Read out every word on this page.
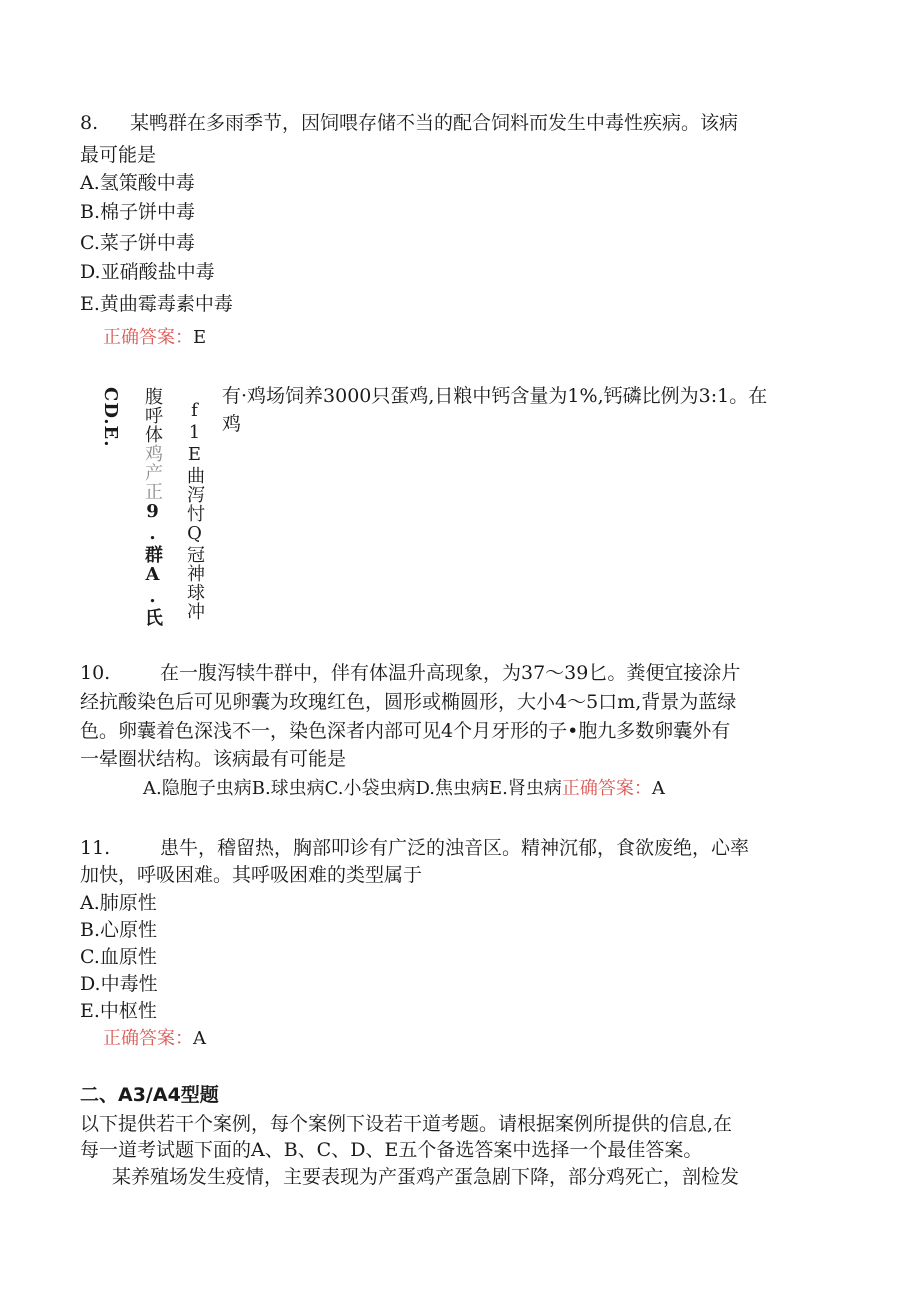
8. 某鸭群在多雨季节，因饲喂存储不当的配合饲料而发生中毒性疾病。该病
最可能是
A.氢策酸中毒
B.棉子饼中毒
C.菜子饼中毒
D.亚硝酸盐中毒
E.黄曲霉毒素中毒
正确答案：E
CD.E. 腹呼体鸡产正9.群A.氏 f1E曲泻忖Q冠神球冲
有·鸡场饲养3000只蛋鸡,日粮中钙含量为1%,钙磷比例为3:1。在
鸡
10.	在一腹泻犊牛群中，伴有体温升高现象，为37～39匕。粪便宜接涂片
经抗酸染色后可见卵囊为玫瑰红色，圆形或椭圆形，大小4～5口m,背景为蓝绿
色。卵囊着色深浅不一，染色深者内部可见4个月牙形的子•胞九多数卵囊外有
一晕圈状结构。该病最有可能是
A.隐胞子虫病B.球虫病C.小袋虫病D.焦虫病E.肾虫病正确答案：A
11.	患牛，稽留热，胸部叩诊有广泛的浊音区。精神沉郁，食欲废绝，心率
加快，呼吸困难。其呼吸困难的类型属于
A.肺原性
B.心原性
C.血原性
D.中毒性
E.中枢性
正确答案：A
二、A3/A4型题
以下提供若干个案例，每个案例下设若干道考题。请根据案例所提供的信息,在
每一道考试题下面的A、B、C、D、E五个备选答案中选择一个最佳答案。
某养殖场发生疫情，主要表现为产蛋鸡产蛋急剧下降，部分鸡死亡，剖检发
